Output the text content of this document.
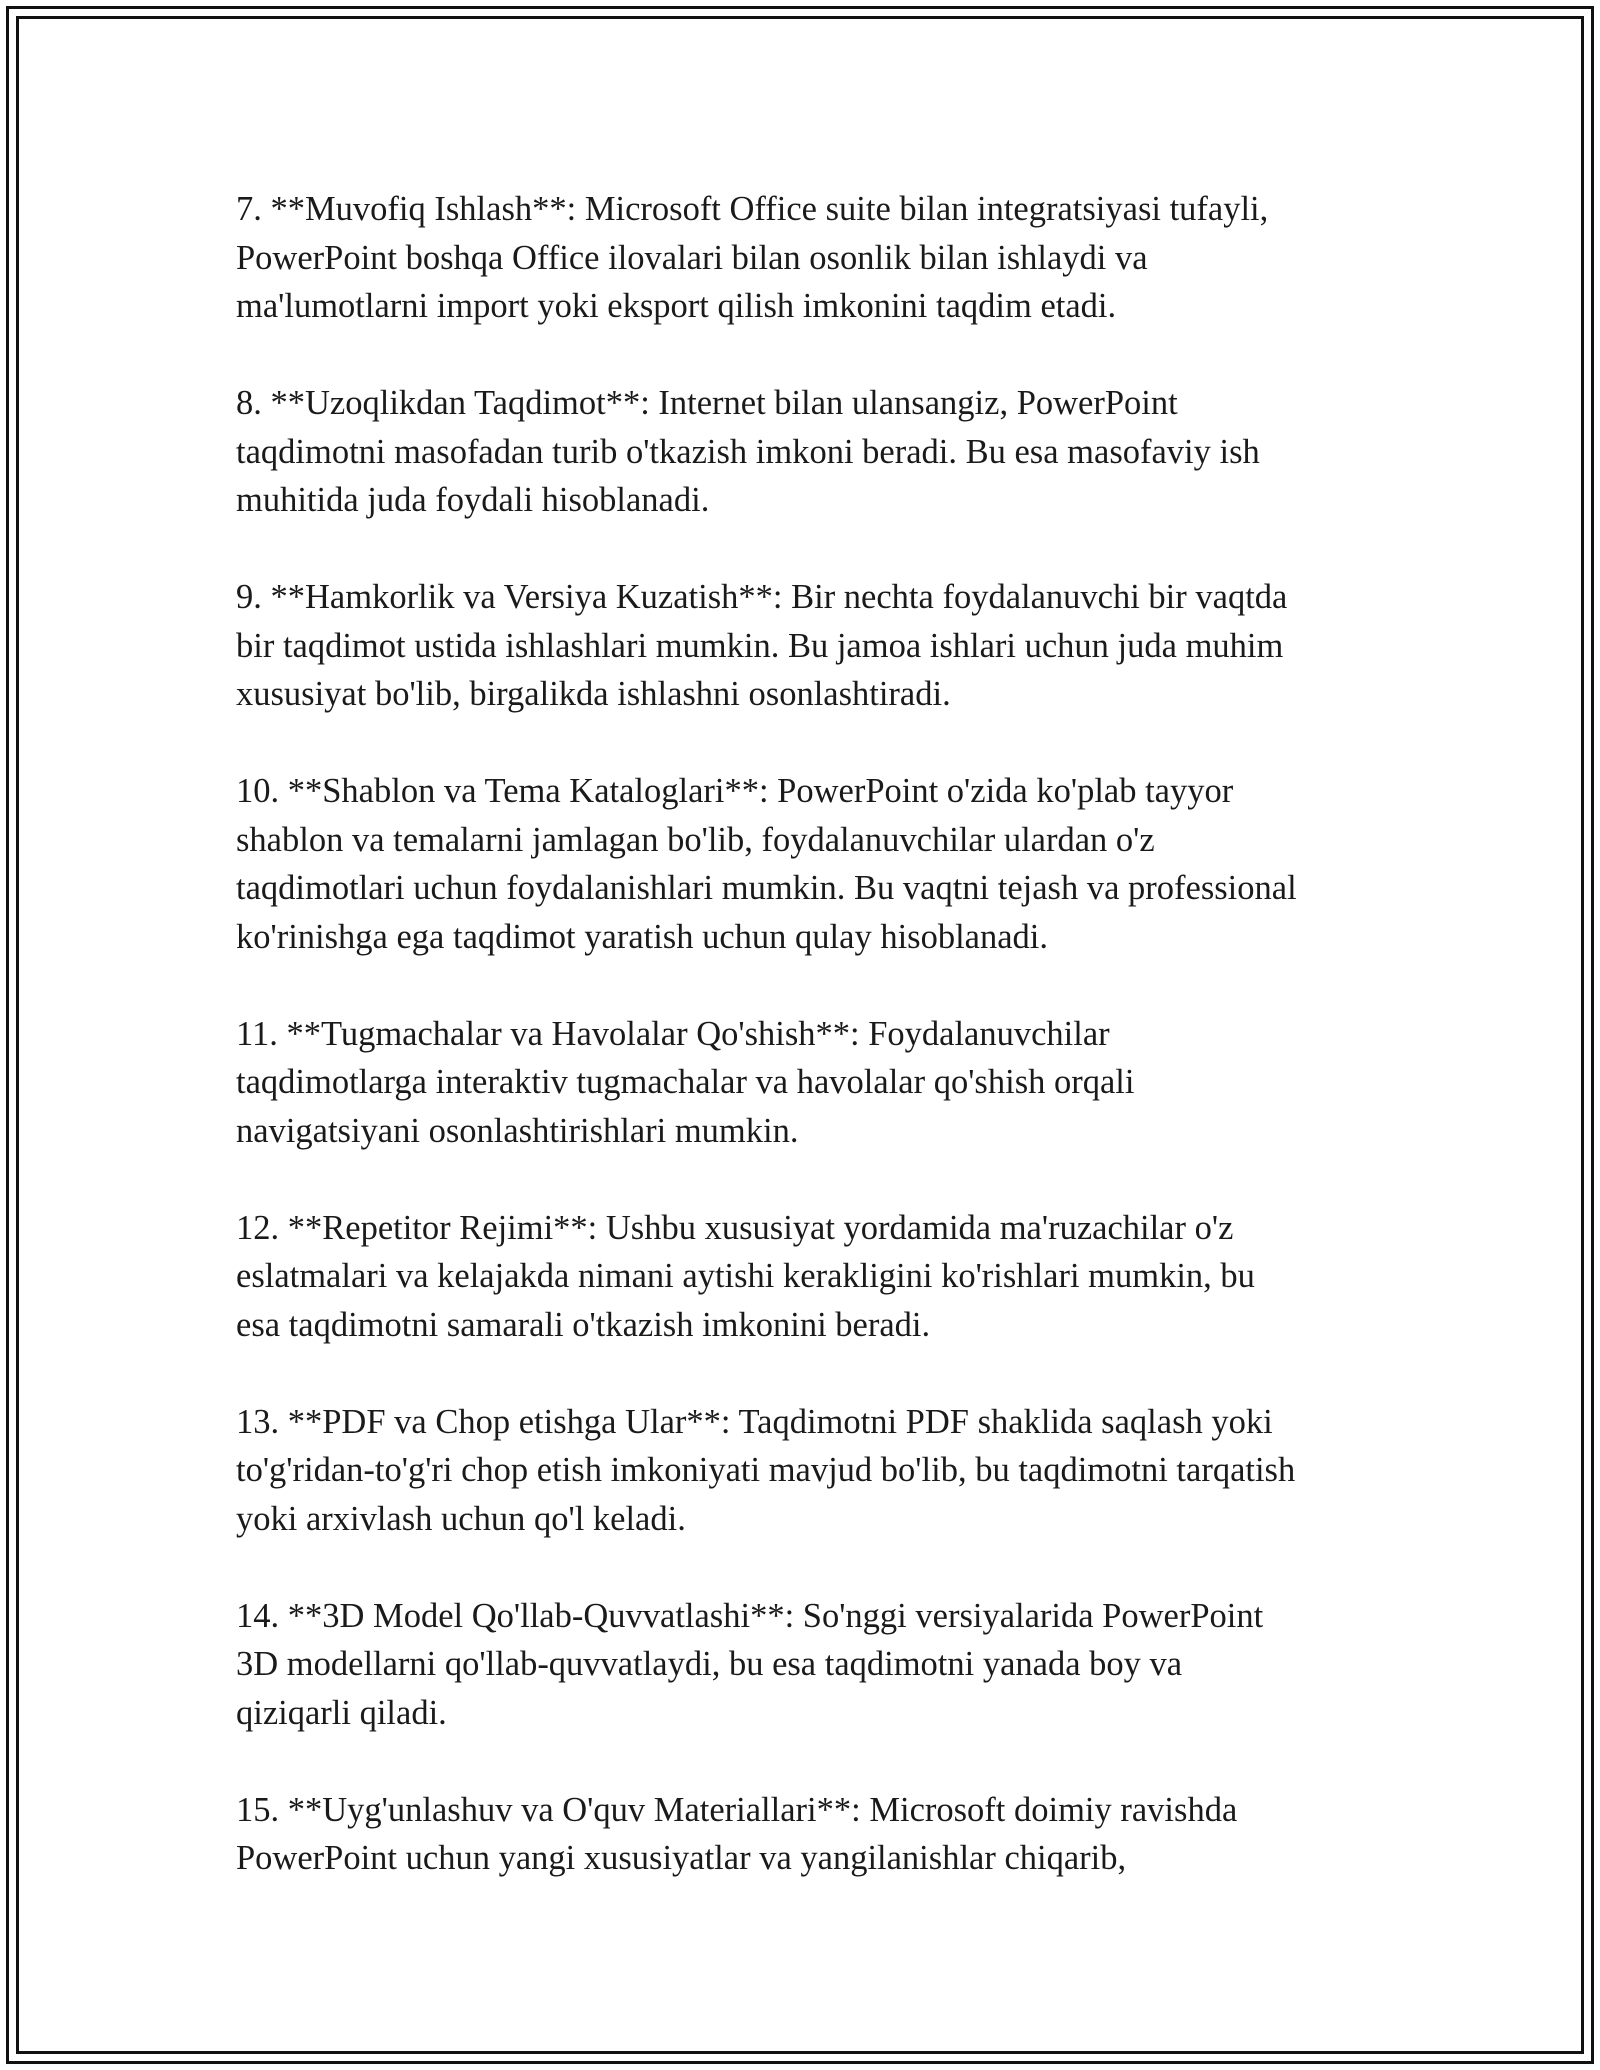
7. **Muvofiq Ishlash**: Microsoft Office suite bilan integratsiyasi tufayli,
PowerPoint boshqa Office ilovalari bilan osonlik bilan ishlaydi va
ma'lumotlarni import yoki eksport qilish imkonini taqdim etadi.

8. **Uzoqlikdan Taqdimot**: Internet bilan ulansangiz, PowerPoint
taqdimotni masofadan turib o'tkazish imkoni beradi. Bu esa masofaviy ish
muhitida juda foydali hisoblanadi.

9. **Hamkorlik va Versiya Kuzatish**: Bir nechta foydalanuvchi bir vaqtda
bir taqdimot ustida ishlashlari mumkin. Bu jamoa ishlari uchun juda muhim
xususiyat bo'lib, birgalikda ishlashni osonlashtiradi.

10. **Shablon va Tema Kataloglari**: PowerPoint o'zida ko'plab tayyor
shablon va temalarni jamlagan bo'lib, foydalanuvchilar ulardan o'z
taqdimotlari uchun foydalanishlari mumkin. Bu vaqtni tejash va professional
ko'rinishga ega taqdimot yaratish uchun qulay hisoblanadi.

11. **Tugmachalar va Havolalar Qo'shish**: Foydalanuvchilar
taqdimotlarga interaktiv tugmachalar va havolalar qo'shish orqali
navigatsiyani osonlashtirishlari mumkin.

12. **Repetitor Rejimi**: Ushbu xususiyat yordamida ma'ruzachilar o'z
eslatmalari va kelajakda nimani aytishi kerakligini ko'rishlari mumkin, bu
esa taqdimotni samarali o'tkazish imkonini beradi.

13. **PDF va Chop etishga Ular**: Taqdimotni PDF shaklida saqlash yoki
to'g'ridan-to'g'ri chop etish imkoniyati mavjud bo'lib, bu taqdimotni tarqatish
yoki arxivlash uchun qo'l keladi.

14. **3D Model Qo'llab-Quvvatlashi**: So'nggi versiyalarida PowerPoint
3D modellarni qo'llab-quvvatlaydi, bu esa taqdimotni yanada boy va
qiziqarli qiladi.

15. **Uyg'unlashuv va O'quv Materiallari**: Microsoft doimiy ravishda
PowerPoint uchun yangi xususiyatlar va yangilanishlar chiqarib,
